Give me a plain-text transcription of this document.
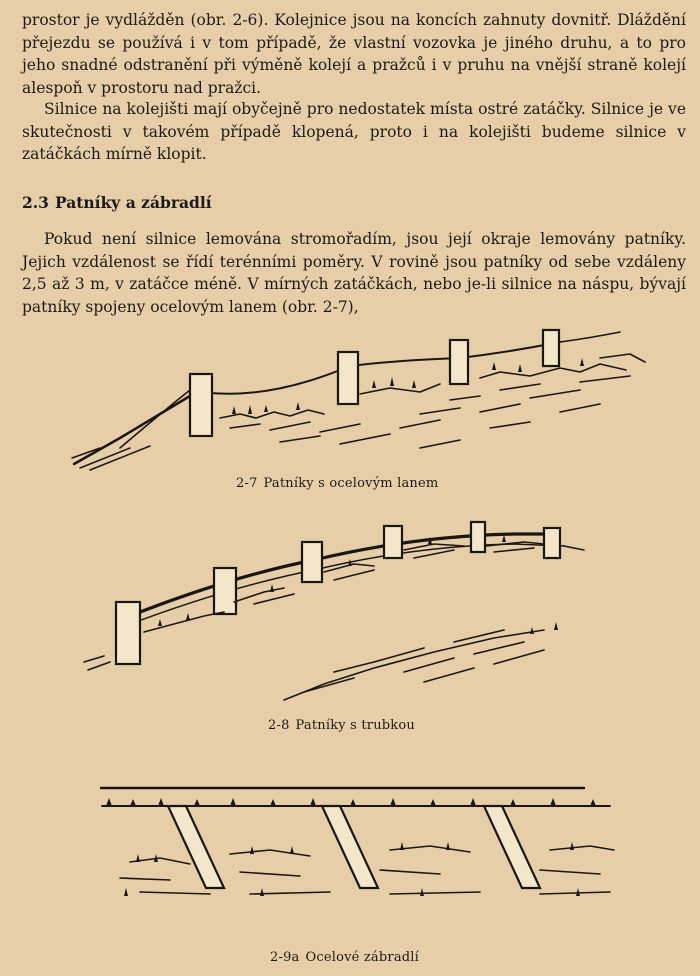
prostor je vydlážděn (obr. 2-6). Kolejnice jsou na koncích zahnuty dovnitř. Dláždění přejezdu se používá i v tom případě, že vlastní vozovka je jiného druhu, a to pro jeho snadné odstranění při výměně kolejí a pražců i v pruhu na vnější straně kolejí alespoň v prostoru nad pražci.

Silnice na kolejišti mají obyčejně pro nedostatek místa ostré zatáčky. Silnice je ve skutečnosti v takovém případě klopená, proto i na kolejišti budeme silnice v zatáčkách mírně klopit.

2.3 Patníky a zábradlí

Pokud není silnice lemována stromořadím, jsou její okraje lemovány patníky. Jejich vzdálenost se řídí terénními poměry. V rovině jsou patníky od sebe vzdáleny 2,5 až 3 m, v zatáčce méně. V mírných zatáčkách, nebo je-li silnice na náspu, bývají patníky spojeny ocelovým lanem (obr. 2-7),

2-7 Patníky s ocelovým lanem
2-8 Patníky s trubkou
2-9a Ocelové zábradlí
